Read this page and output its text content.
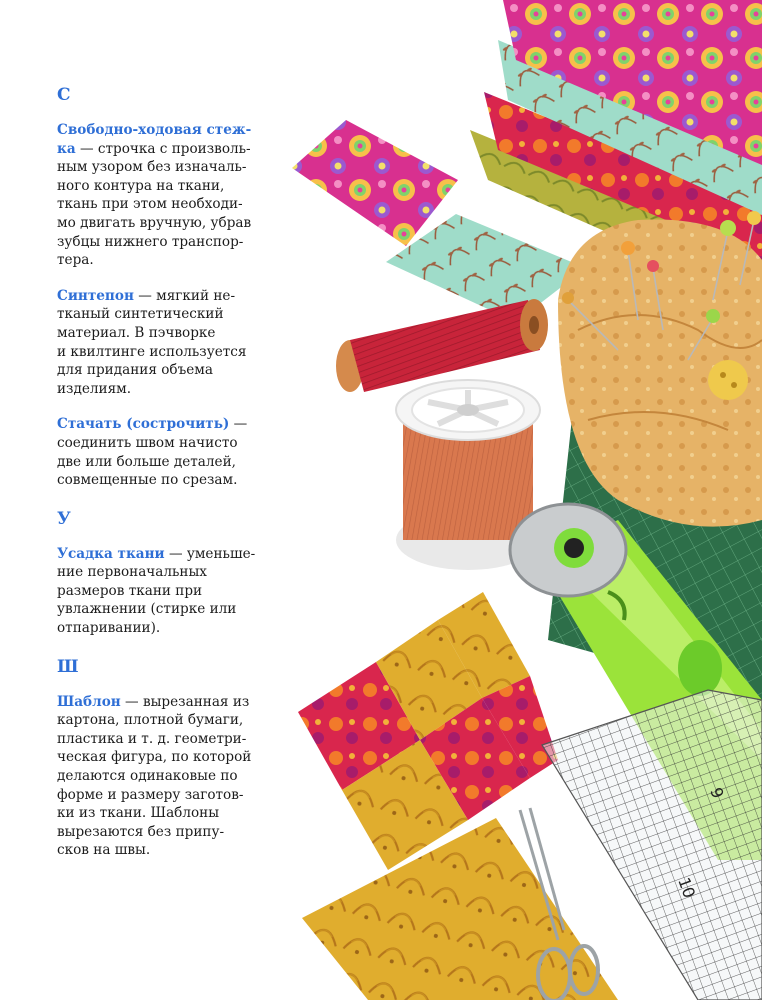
С
Свободно-ходовая стеж-
ка — строчка с произволь-
ным узором без изначаль-
ного контура на ткани,
ткань при этом необходи-
мо двигать вручную, убрав
зубцы нижнего транспор-
тера.
Синтепон — мягкий не-
тканый синтетический
материал. В пэчворке
и квилтинге используется
для придания объема
изделиям.
Стачать (сострочить) —
соединить швом начисто
две или больше деталей,
совмещенные по срезам.
У
Усадка ткани — уменьше-
ние первоначальных
размеров ткани при
увлажнении (стирке или
отпаривании).
Ш
Шаблон — вырезанная из
картона, плотной бумаги,
пластика и т. д. геометри-
ческая фигура, по которой
делаются одинаковые по
форме и размеру заготов-
ки из ткани. Шаблоны
вырезаются без припу-
сков на швы.
10
9
